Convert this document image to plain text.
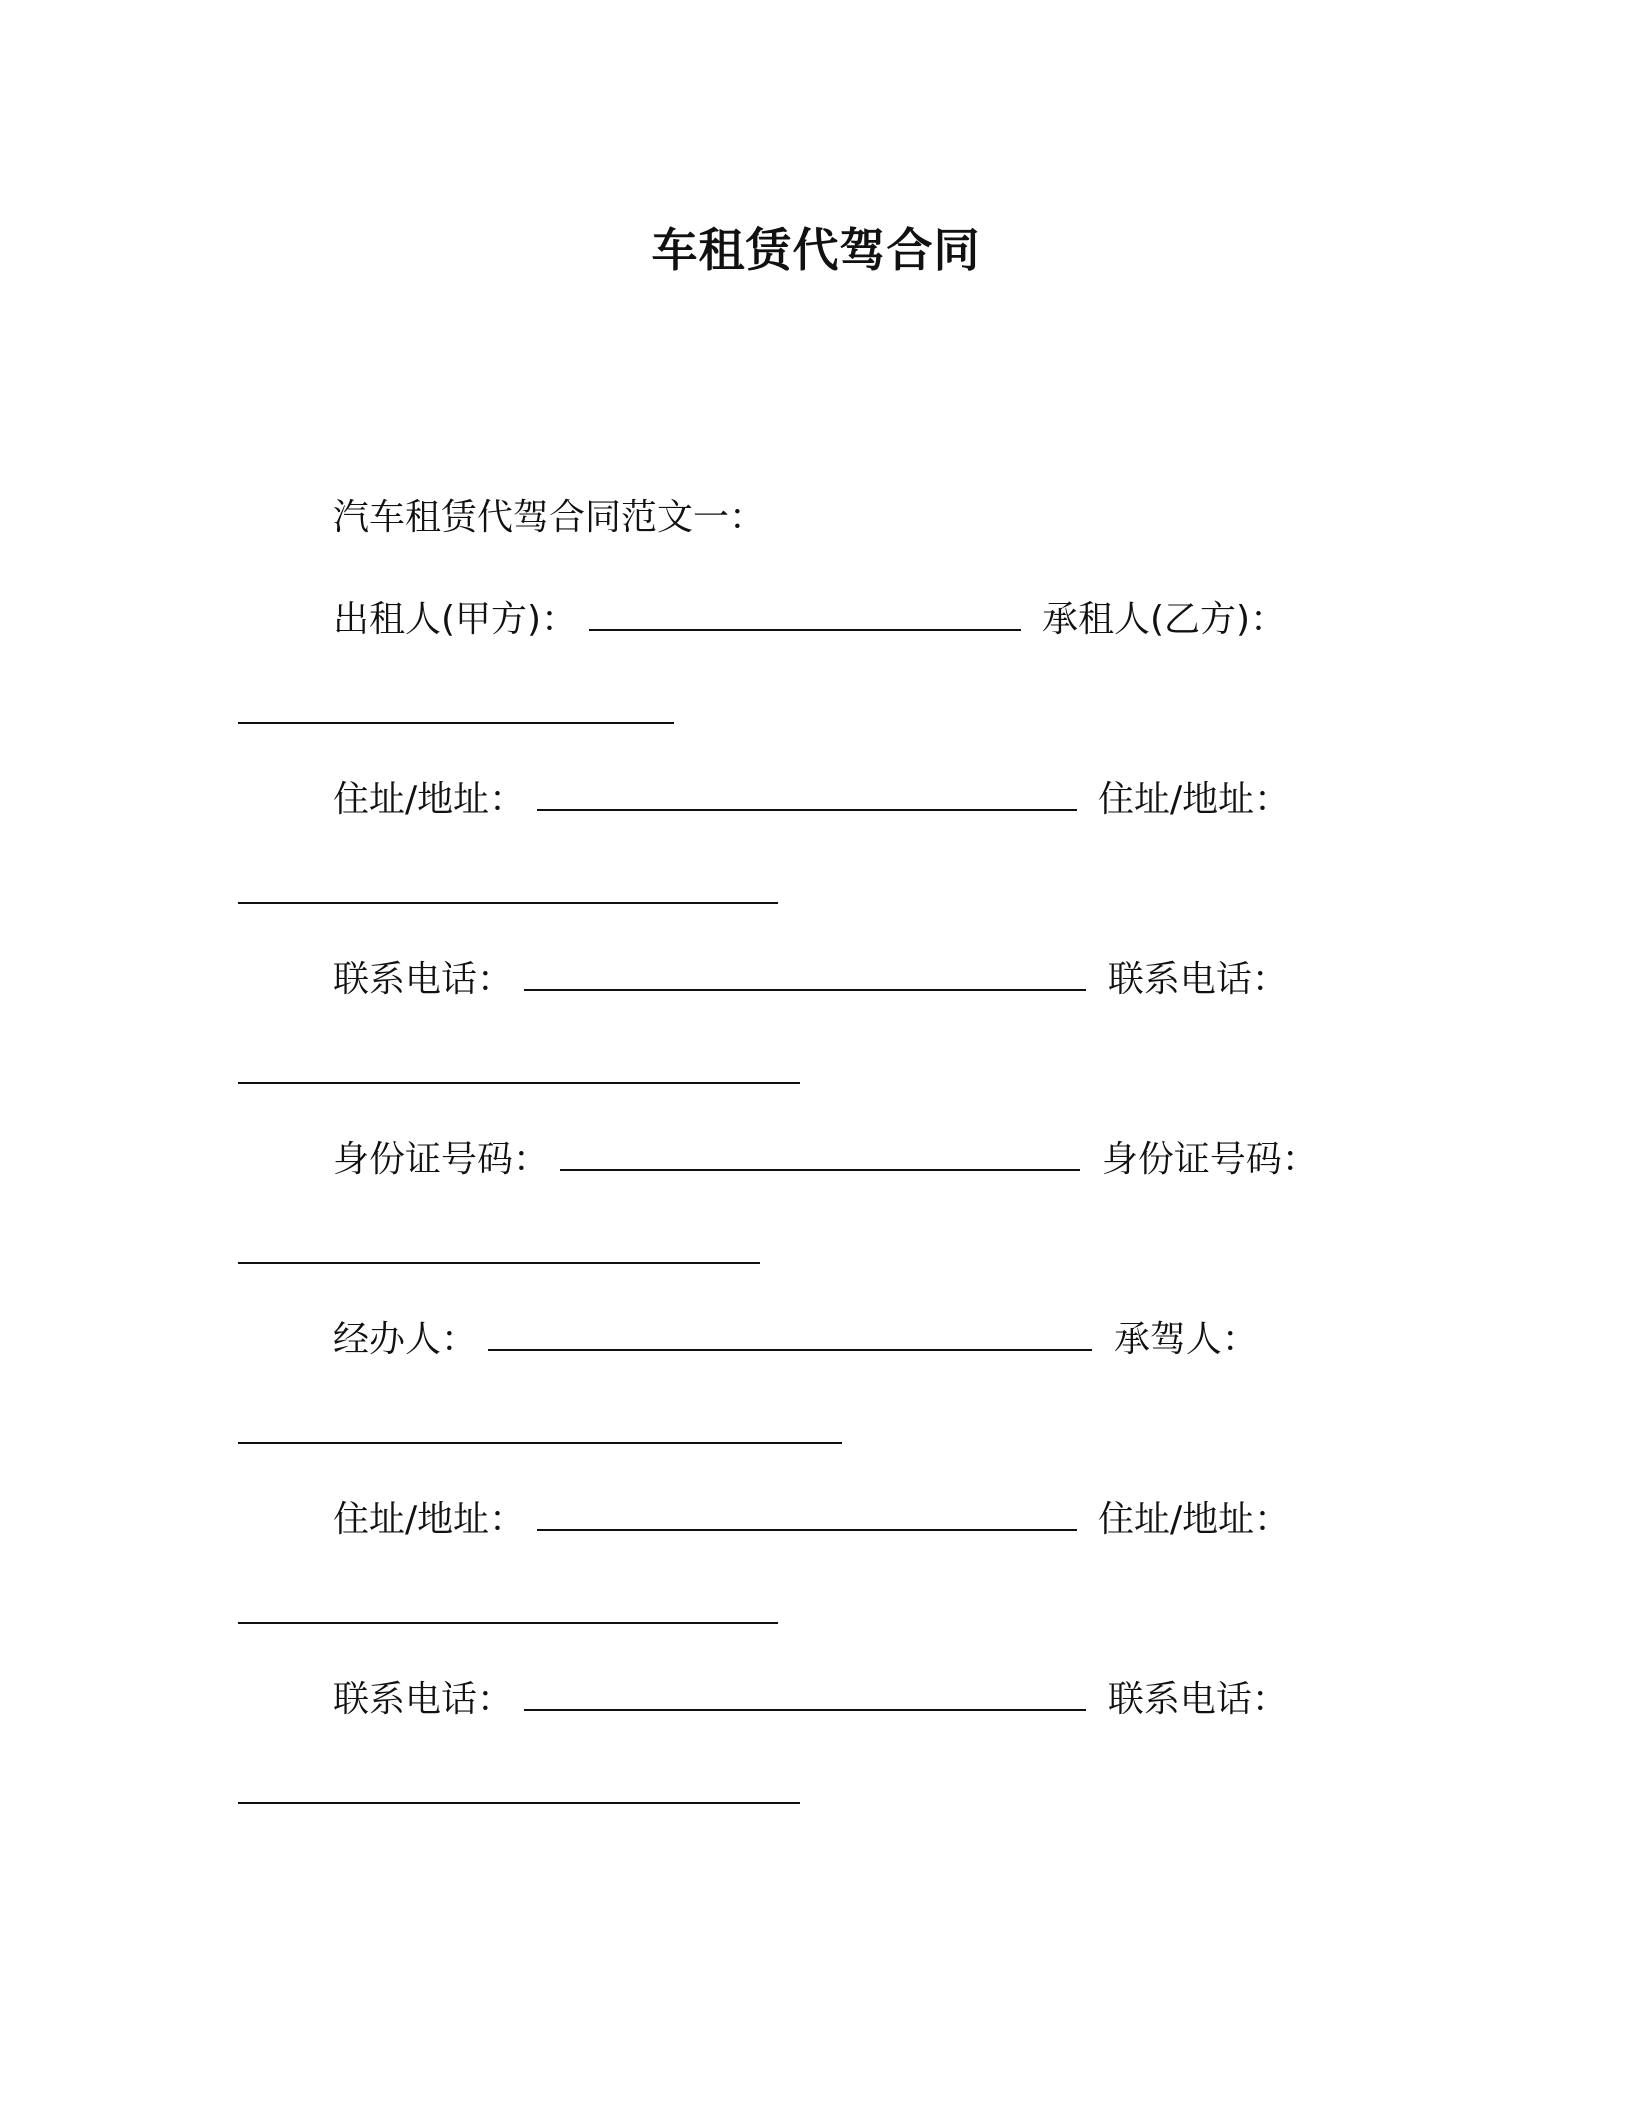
车租赁代驾合同
汽车租赁代驾合同范文一：
出租人(甲方)：	承租人(乙方)：
住址/地址：	住址/地址：
联系电话：	联系电话：
身份证号码：	身份证号码：
经办人：	承驾人：
住址/地址：	住址/地址：
联系电话：	联系电话：
